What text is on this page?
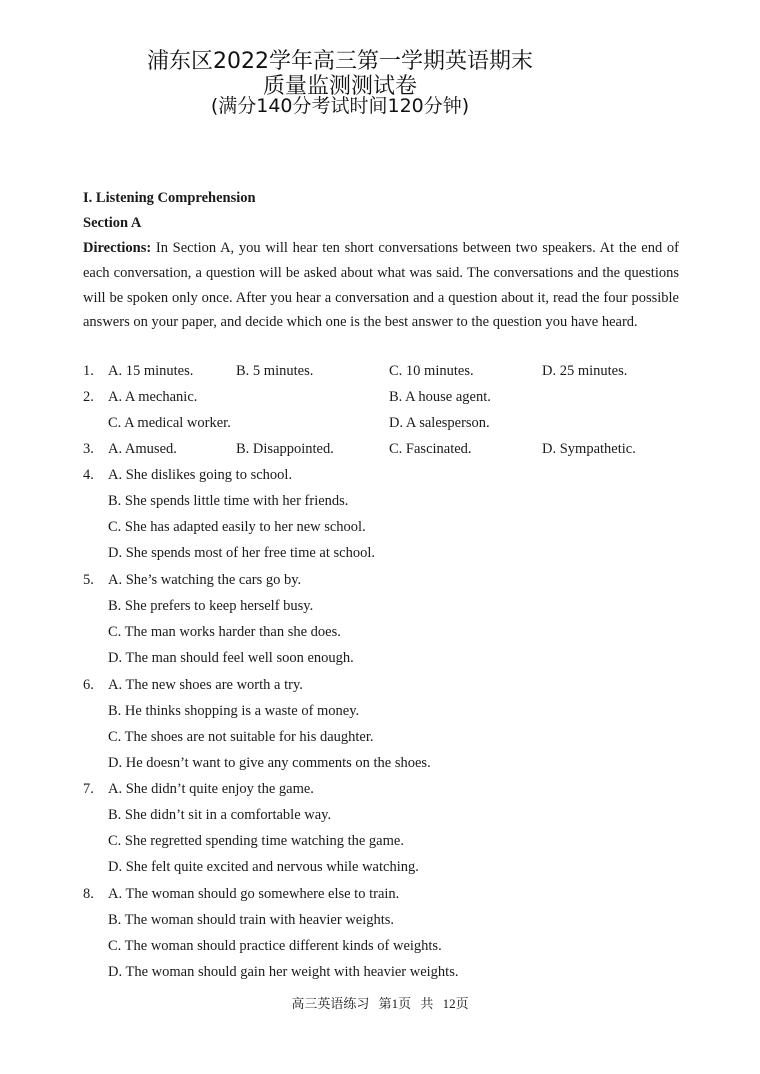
浦东区2022学年高三第一学期英语期末
质量监测测试卷
(满分140分考试时间120分钟)
I. Listening Comprehension
Section A
Directions: In Section A, you will hear ten short conversations between two speakers. At the end of each conversation, a question will be asked about what was said. The conversations and the questions will be spoken only once. After you hear a conversation and a question about it, read the four possible answers on your paper, and decide which one is the best answer to the question you have heard.
1. A. 15 minutes.	B. 5 minutes.	C. 10 minutes.	D. 25 minutes.
2. A. A mechanic.	B. A house agent.
C. A medical worker.	D. A salesperson.
3. A. Amused.	B. Disappointed.	C. Fascinated.	D. Sympathetic.
4. A. She dislikes going to school.
B. She spends little time with her friends.
C. She has adapted easily to her new school.
D. She spends most of her free time at school.
5. A. She’s watching the cars go by.
B. She prefers to keep herself busy.
C. The man works harder than she does.
D. The man should feel well soon enough.
6. A. The new shoes are worth a try.
B. He thinks shopping is a waste of money.
C. The shoes are not suitable for his daughter.
D. He doesn’t want to give any comments on the shoes.
7. A. She didn’t quite enjoy the game.
B. She didn’t sit in a comfortable way.
C. She regretted spending time watching the game.
D. She felt quite excited and nervous while watching.
8. A. The woman should go somewhere else to train.
B. The woman should train with heavier weights.
C. The woman should practice different kinds of weights.
D. The woman should gain her weight with heavier weights.
高三英语练习 第1页 共 12页
